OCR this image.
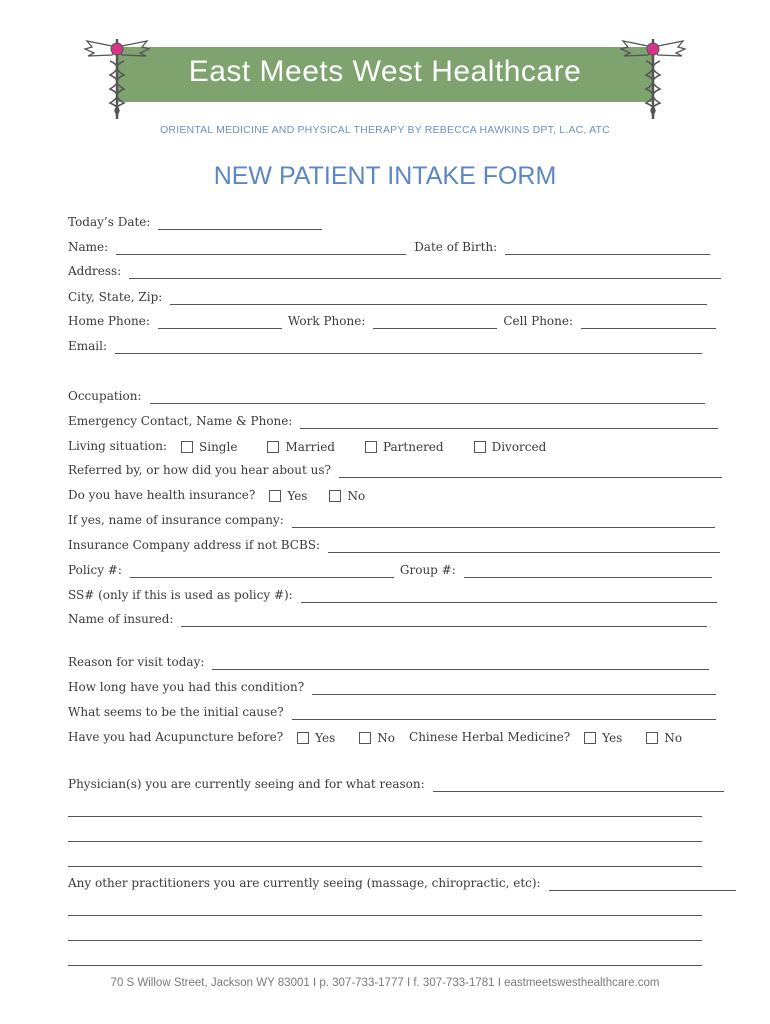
East Meets West Healthcare
ORIENTAL MEDICINE AND PHYSICAL THERAPY BY REBECCA HAWKINS DPT, L.AC, ATC
NEW PATIENT INTAKE FORM
Today’s Date:
Name:	Date of Birth:
Address:
City, State, Zip:
Home Phone:	Work Phone:	Cell Phone:
Email:
Occupation:
Emergency Contact, Name & Phone:
Living situation:	Single	Married	Partnered	Divorced
Referred by, or how did you hear about us?
Do you have health insurance?	Yes	No
If yes, name of insurance company:
Insurance Company address if not BCBS:
Policy #:	Group #:
SS# (only if this is used as policy #):
Name of insured:
Reason for visit today:
How long have you had this condition?
What seems to be the initial cause?
Have you had Acupuncture before?	Yes	No Chinese Herbal Medicine?	Yes	No
Physician(s) you are currently seeing and for what reason:
Any other practitioners you are currently seeing (massage, chiropractic, etc):
70 S Willow Street, Jackson WY 83001 I p. 307-733-1777 I f. 307-733-1781 I eastmeetswesthealthcare.com
